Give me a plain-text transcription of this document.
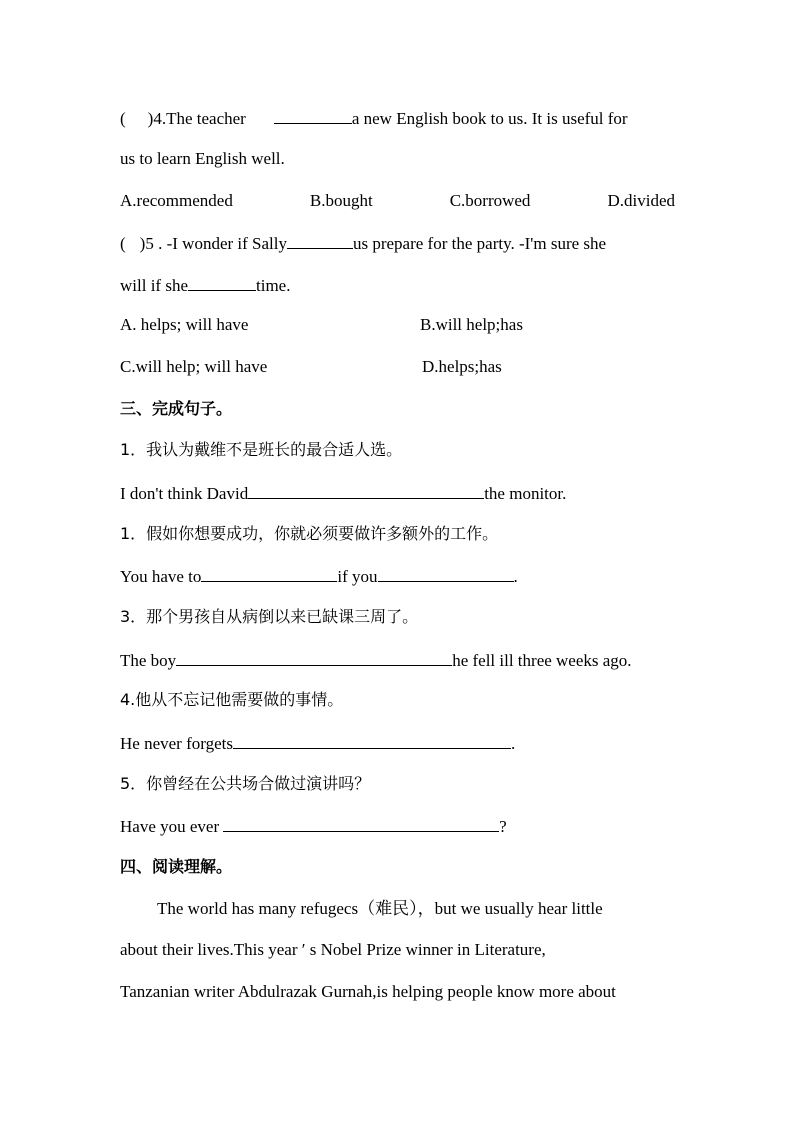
( )4.The teacher	a new English book to us. It is useful for
us to learn English well.
A.recommended	B.bought	C.borrowed	D.divided
( )5 . -I wonder if Sally	us prepare for the party. -I'm sure she
will if she	time.
A. helps; will have	B.will help;has
C.will help; will have	D.helps;has
三、完成句子。
1．我认为戴维不是班长的最合适人选。
I don't think David	the monitor.
1．假如你想要成功，你就必须要做许多额外的工作。
You have to	if you	.
3．那个男孩自从病倒以来已缺课三周了。
The boy	he fell ill three weeks ago.
4.他从不忘记他需要做的事情。
He never forgets	.
5．你曾经在公共场合做过演讲吗？
Have you ever	?
四、阅读理解。
The world has many refugecs（难民），but we usually hear little
about their lives.This year ′ s Nobel Prize winner in Literature,
Tanzanian writer Abdulrazak Gurnah,is helping people know more about
